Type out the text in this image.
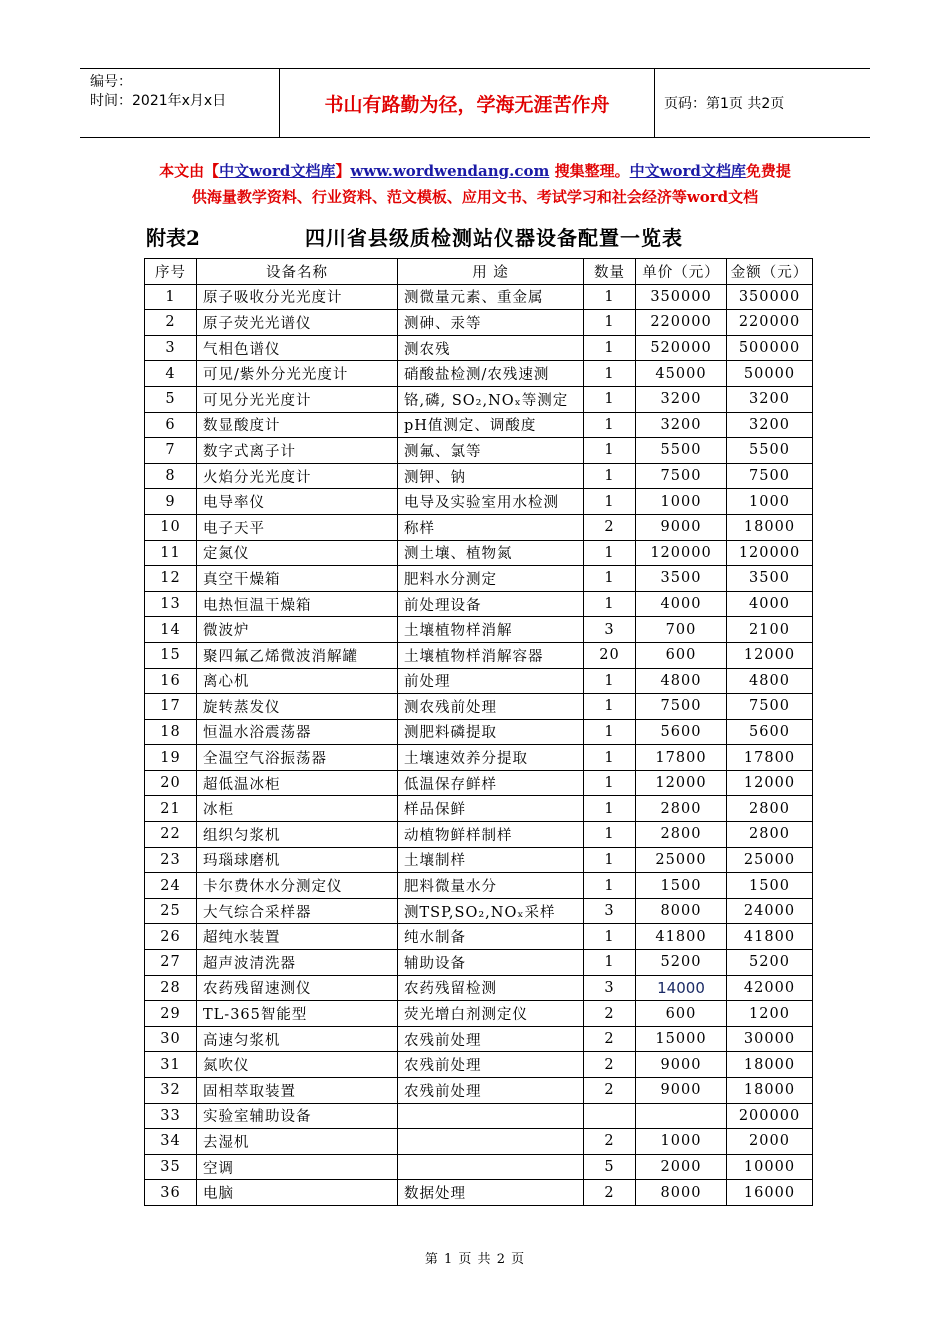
编号：
时间：2021年x月x日	书山有路勤为径，学海无涯苦作舟	页码：第1页 共2页
本文由【中文word文档库】www.wordwendang.com 搜集整理。中文word文档库免费提
供海量教学资料、行业资料、范文模板、应用文书、考试学习和社会经济等word文档
附表2	四川省县级质检测站仪器设备配置一览表
序号	设备名称	用 途	数量	单价（元）	金额（元）
1	原子吸收分光光度计	测微量元素、重金属	1	350000	350000
2	原子荧光光谱仪	测砷、汞等	1	220000	220000
3	气相色谱仪	测农残	1	520000	500000
4	可见/紫外分光光度计	硝酸盐检测/农残速测	1	45000	50000
5	可见分光光度计	铬,磷, SO₂,NOₓ等测定	1	3200	3200
6	数显酸度计	pH值测定、调酸度	1	3200	3200
7	数字式离子计	测氟、氯等	1	5500	5500
8	火焰分光光度计	测钾、钠	1	7500	7500
9	电导率仪	电导及实验室用水检测	1	1000	1000
10	电子天平	称样	2	9000	18000
11	定氮仪	测土壤、植物氮	1	120000	120000
12	真空干燥箱	肥料水分测定	1	3500	3500
13	电热恒温干燥箱	前处理设备	1	4000	4000
14	微波炉	土壤植物样消解	3	700	2100
15	聚四氟乙烯微波消解罐	土壤植物样消解容器	20	600	12000
16	离心机	前处理	1	4800	4800
17	旋转蒸发仪	测农残前处理	1	7500	7500
18	恒温水浴震荡器	测肥料磷提取	1	5600	5600
19	全温空气浴振荡器	土壤速效养分提取	1	17800	17800
20	超低温冰柜	低温保存鲜样	1	12000	12000
21	冰柜	样品保鲜	1	2800	2800
22	组织匀浆机	动植物鲜样制样	1	2800	2800
23	玛瑙球磨机	土壤制样	1	25000	25000
24	卡尔费休水分测定仪	肥料微量水分	1	1500	1500
25	大气综合采样器	测TSP,SO₂,NOₓ采样	3	8000	24000
26	超纯水装置	纯水制备	1	41800	41800
27	超声波清洗器	辅助设备	1	5200	5200
28	农药残留速测仪	农药残留检测	3	14000	42000
29	TL-365智能型	荧光增白剂测定仪	2	600	1200
30	高速匀浆机	农残前处理	2	15000	30000
31	氮吹仪	农残前处理	2	9000	18000
32	固相萃取装置	农残前处理	2	9000	18000
33	实验室辅助设备				200000
34	去湿机		2	1000	2000
35	空调		5	2000	10000
36	电脑	数据处理	2	8000	16000
第 1 页 共 2 页
